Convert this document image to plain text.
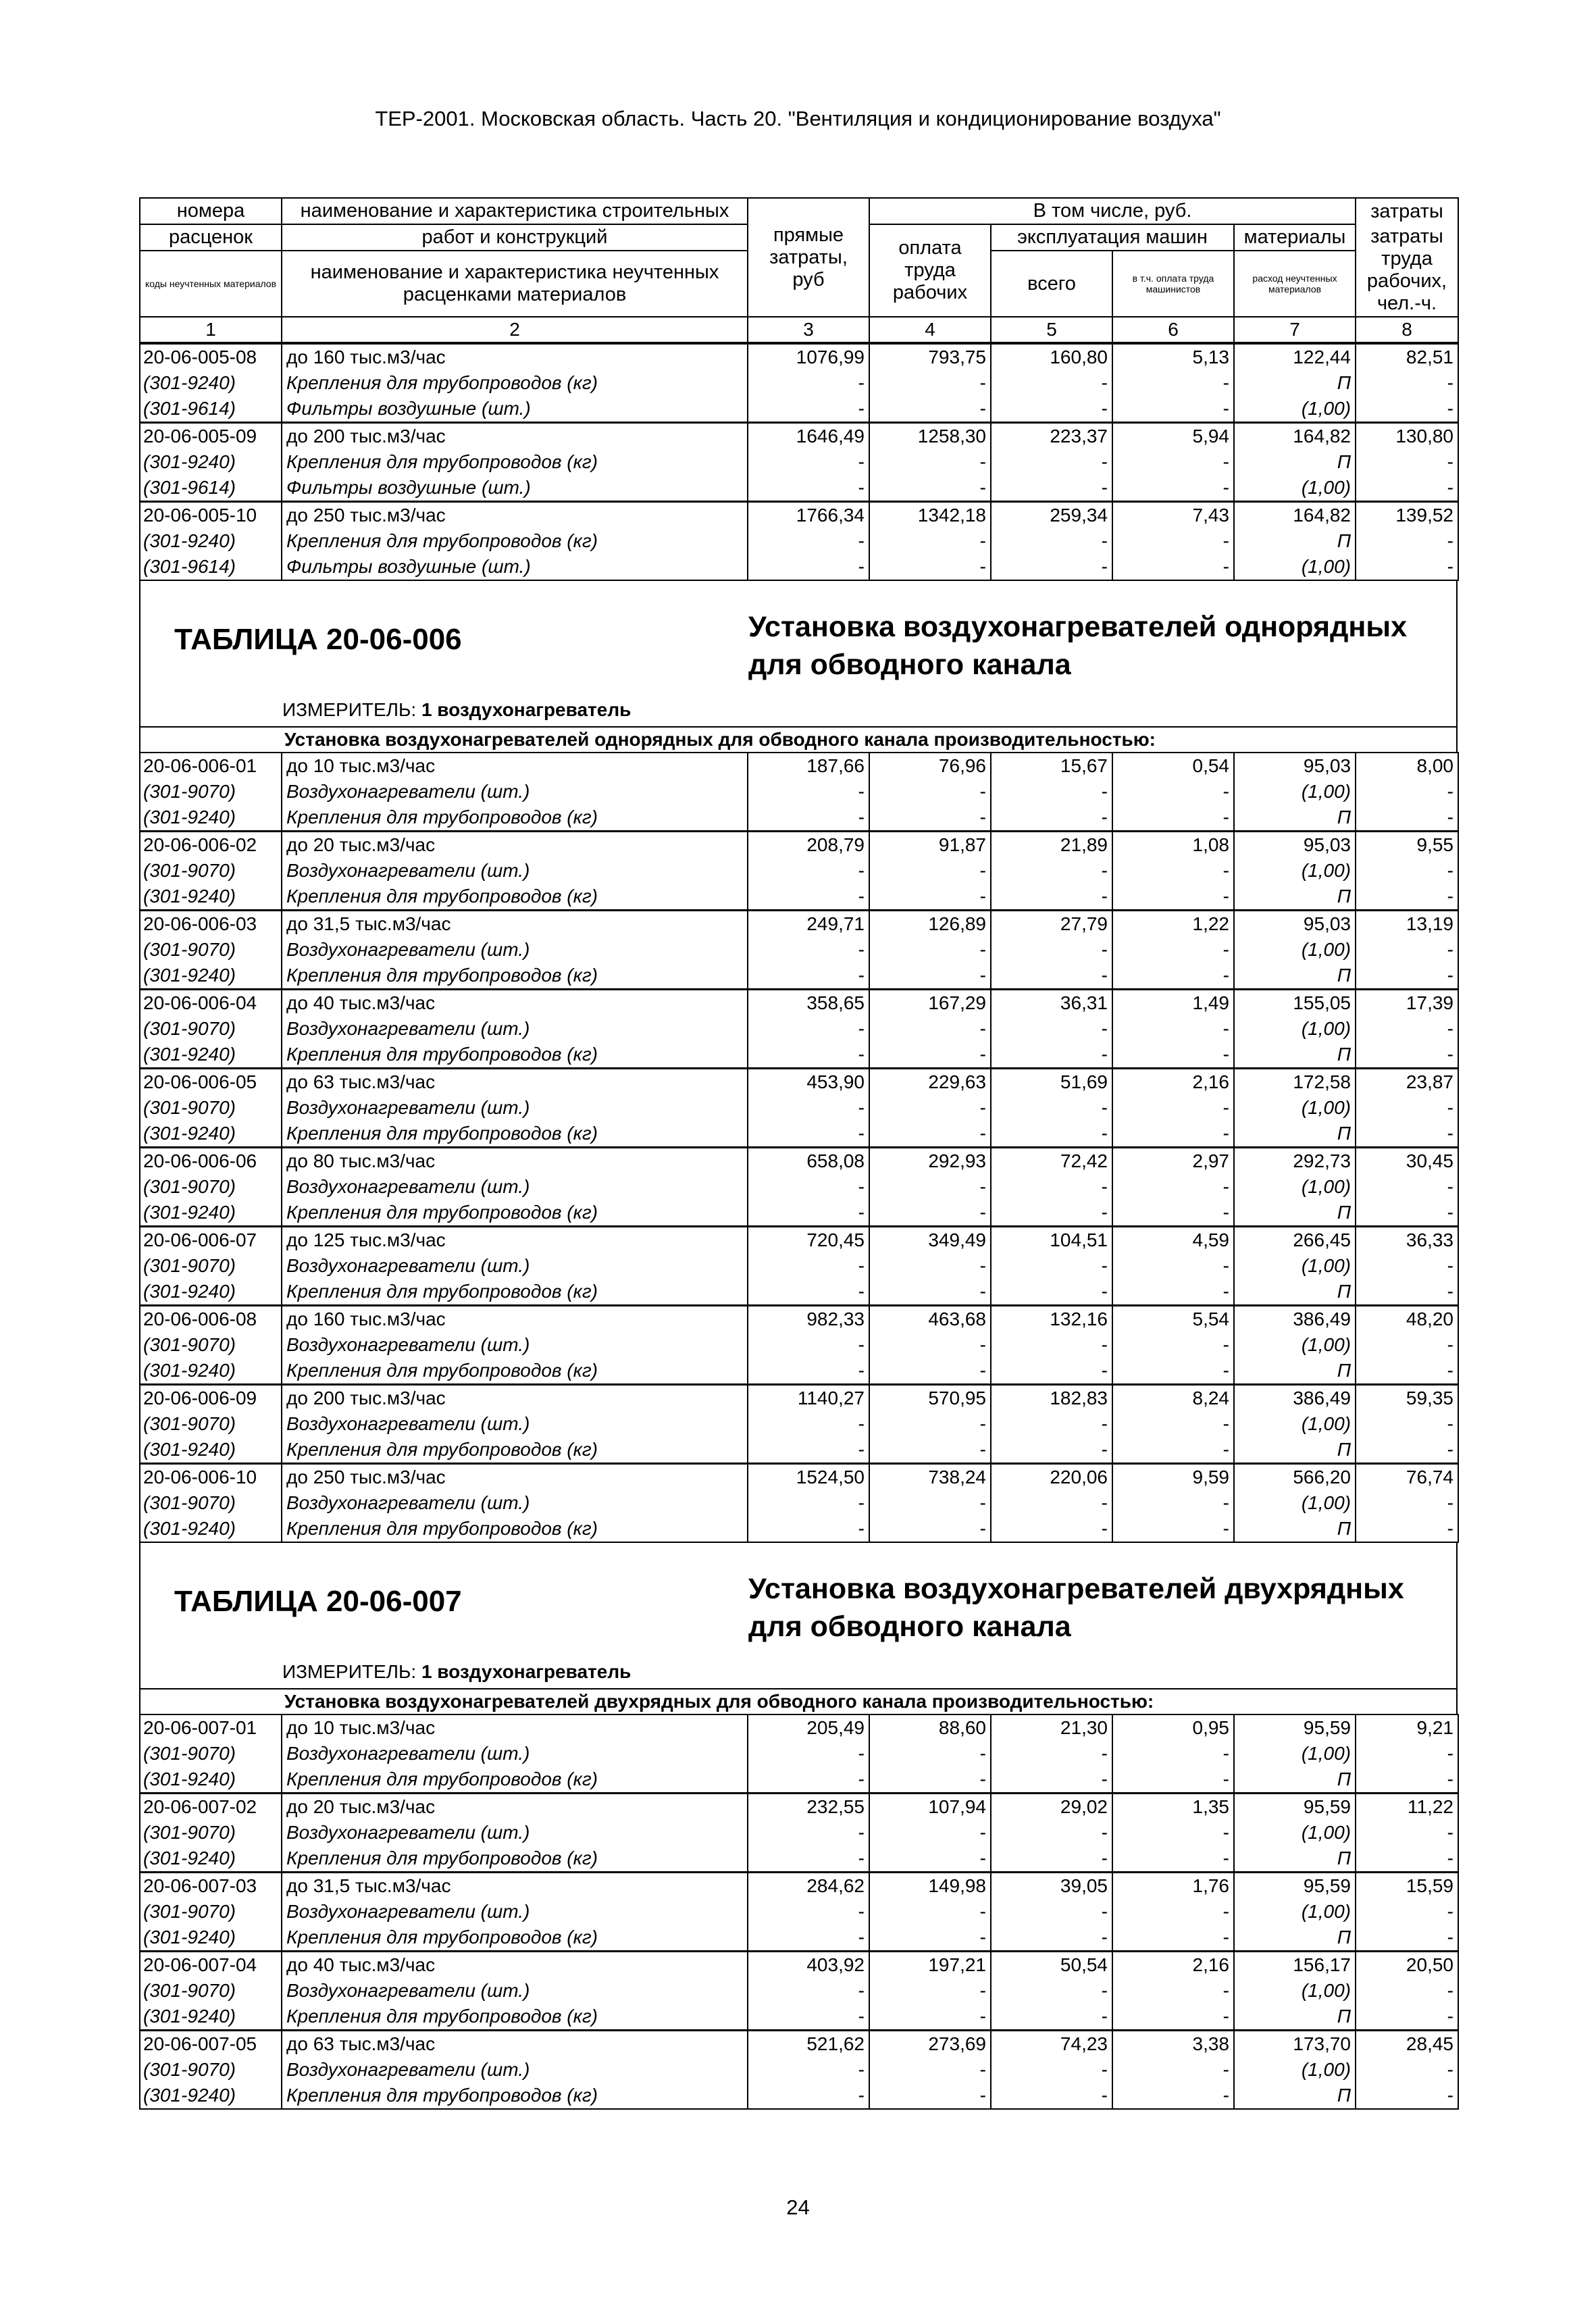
ТЕР-2001. Московская область. Часть 20. "Вентиляция и кондиционирование воздуха"
номера	наименование и характеристика строительных	прямые затраты, руб	В том числе, руб.				затраты
расценок	работ и конструкций		оплата труда рабочих	эксплуатация машин		материалы	затраты труда рабочих, чел.-ч.
коды неучтенных материалов	наименование и характеристика неучтенных расценками материалов			всего	в т.ч. оплата труда машинистов	расход неучтенных материалов	

1	2	3	4	5	6	7	8
20-06-005-08	до 160 тыс.м3/час	1076,99	793,75	160,80	5,13	122,44	82,51
(301-9240)	Крепления для трубопроводов (кг)	-	-	-	-	П	-
(301-9614)	Фильтры воздушные (шт.)	-	-	-	-	(1,00)	-
20-06-005-09	до 200 тыс.м3/час	1646,49	1258,30	223,37	5,94	164,82	130,80
(301-9240)	Крепления для трубопроводов (кг)	-	-	-	-	П	-
(301-9614)	Фильтры воздушные (шт.)	-	-	-	-	(1,00)	-
20-06-005-10	до 250 тыс.м3/час	1766,34	1342,18	259,34	7,43	164,82	139,52
(301-9240)	Крепления для трубопроводов (кг)	-	-	-	-	П	-
(301-9614)	Фильтры воздушные (шт.)	-	-	-	-	(1,00)	-
ТАБЛИЦА 20-06-006	Установка воздухонагревателей однорядных для обводного канала
ИЗМЕРИТЕЛЬ: 1 воздухонагреватель
Установка воздухонагревателей однорядных для обводного канала производительностью:
20-06-006-01	до 10 тыс.м3/час	187,66	76,96	15,67	0,54	95,03	8,00
(301-9070)	Воздухонагреватели (шт.)	-	-	-	-	(1,00)	-
(301-9240)	Крепления для трубопроводов (кг)	-	-	-	-	П	-
20-06-006-02	до 20 тыс.м3/час	208,79	91,87	21,89	1,08	95,03	9,55
(301-9070)	Воздухонагреватели (шт.)	-	-	-	-	(1,00)	-
(301-9240)	Крепления для трубопроводов (кг)	-	-	-	-	П	-
20-06-006-03	до 31,5 тыс.м3/час	249,71	126,89	27,79	1,22	95,03	13,19
(301-9070)	Воздухонагреватели (шт.)	-	-	-	-	(1,00)	-
(301-9240)	Крепления для трубопроводов (кг)	-	-	-	-	П	-
20-06-006-04	до 40 тыс.м3/час	358,65	167,29	36,31	1,49	155,05	17,39
(301-9070)	Воздухонагреватели (шт.)	-	-	-	-	(1,00)	-
(301-9240)	Крепления для трубопроводов (кг)	-	-	-	-	П	-
20-06-006-05	до 63 тыс.м3/час	453,90	229,63	51,69	2,16	172,58	23,87
(301-9070)	Воздухонагреватели (шт.)	-	-	-	-	(1,00)	-
(301-9240)	Крепления для трубопроводов (кг)	-	-	-	-	П	-
20-06-006-06	до 80 тыс.м3/час	658,08	292,93	72,42	2,97	292,73	30,45
(301-9070)	Воздухонагреватели (шт.)	-	-	-	-	(1,00)	-
(301-9240)	Крепления для трубопроводов (кг)	-	-	-	-	П	-
20-06-006-07	до 125 тыс.м3/час	720,45	349,49	104,51	4,59	266,45	36,33
(301-9070)	Воздухонагреватели (шт.)	-	-	-	-	(1,00)	-
(301-9240)	Крепления для трубопроводов (кг)	-	-	-	-	П	-
20-06-006-08	до 160 тыс.м3/час	982,33	463,68	132,16	5,54	386,49	48,20
(301-9070)	Воздухонагреватели (шт.)	-	-	-	-	(1,00)	-
(301-9240)	Крепления для трубопроводов (кг)	-	-	-	-	П	-
20-06-006-09	до 200 тыс.м3/час	1140,27	570,95	182,83	8,24	386,49	59,35
(301-9070)	Воздухонагреватели (шт.)	-	-	-	-	(1,00)	-
(301-9240)	Крепления для трубопроводов (кг)	-	-	-	-	П	-
20-06-006-10	до 250 тыс.м3/час	1524,50	738,24	220,06	9,59	566,20	76,74
(301-9070)	Воздухонагреватели (шт.)	-	-	-	-	(1,00)	-
(301-9240)	Крепления для трубопроводов (кг)	-	-	-	-	П	-
ТАБЛИЦА 20-06-007	Установка воздухонагревателей двухрядных для обводного канала
ИЗМЕРИТЕЛЬ: 1 воздухонагреватель
Установка воздухонагревателей двухрядных для обводного канала производительностью:
20-06-007-01	до 10 тыс.м3/час	205,49	88,60	21,30	0,95	95,59	9,21
(301-9070)	Воздухонагреватели (шт.)	-	-	-	-	(1,00)	-
(301-9240)	Крепления для трубопроводов (кг)	-	-	-	-	П	-
20-06-007-02	до 20 тыс.м3/час	232,55	107,94	29,02	1,35	95,59	11,22
(301-9070)	Воздухонагреватели (шт.)	-	-	-	-	(1,00)	-
(301-9240)	Крепления для трубопроводов (кг)	-	-	-	-	П	-
20-06-007-03	до 31,5 тыс.м3/час	284,62	149,98	39,05	1,76	95,59	15,59
(301-9070)	Воздухонагреватели (шт.)	-	-	-	-	(1,00)	-
(301-9240)	Крепления для трубопроводов (кг)	-	-	-	-	П	-
20-06-007-04	до 40 тыс.м3/час	403,92	197,21	50,54	2,16	156,17	20,50
(301-9070)	Воздухонагреватели (шт.)	-	-	-	-	(1,00)	-
(301-9240)	Крепления для трубопроводов (кг)	-	-	-	-	П	-
20-06-007-05	до 63 тыс.м3/час	521,62	273,69	74,23	3,38	173,70	28,45
(301-9070)	Воздухонагреватели (шт.)	-	-	-	-	(1,00)	-
(301-9240)	Крепления для трубопроводов (кг)	-	-	-	-	П	-
24
